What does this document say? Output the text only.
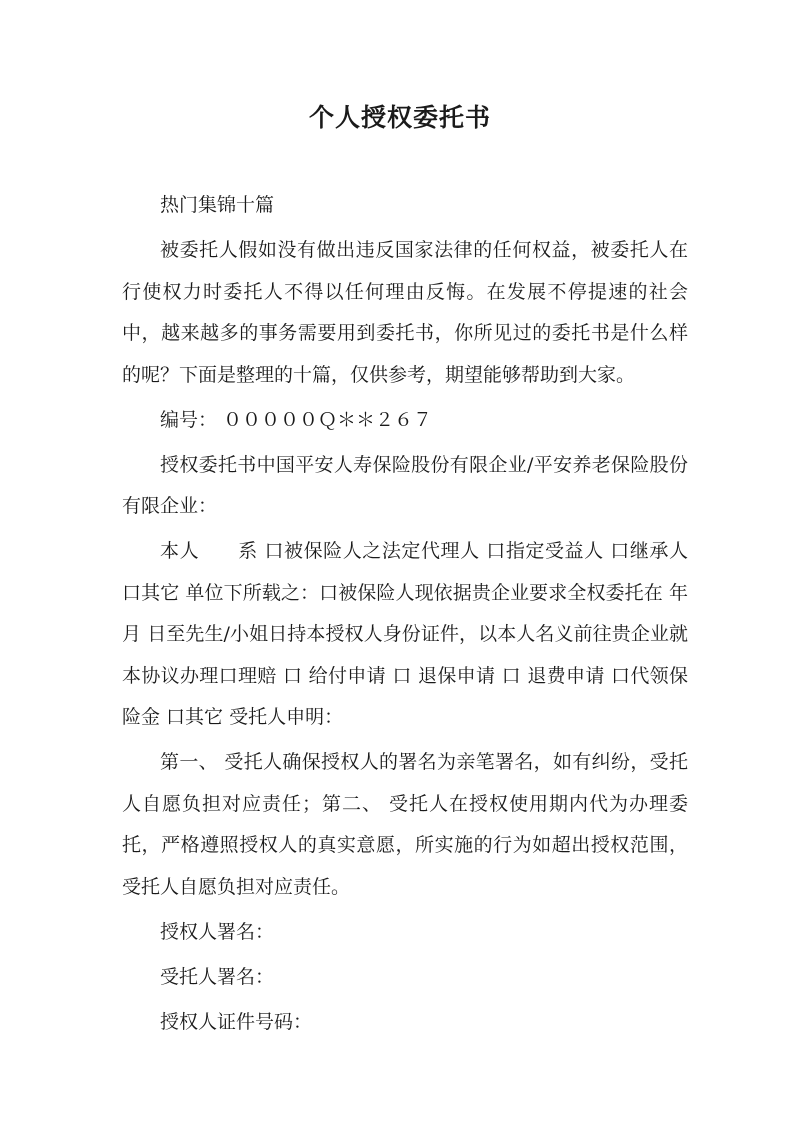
个人授权委托书

热门集锦十篇

被委托人假如没有做出违反国家法律的任何权益，被委托人在行使权力时委托人不得以任何理由反悔。在发展不停提速的社会中，越来越多的事务需要用到委托书，你所见过的委托书是什么样的呢？下面是整理的十篇，仅供参考，期望能够帮助到大家。

编号： ０００００Ｑ＊＊２６７

授权委托书中国平安人寿保险股份有限企业/平安养老保险股份有限企业：

本人　　系 口被保险人之法定代理人 口指定受益人 口继承人口其它 单位下所载之：口被保险人现依据贵企业要求全权委托在 年 月 日至先生/小姐日持本授权人身份证件，以本人名义前往贵企业就本协议办理口理赔 口 给付申请 口 退保申请 口 退费申请 口代领保险金 口其它 受托人申明：

第一、 受托人确保授权人的署名为亲笔署名，如有纠纷，受托人自愿负担对应责任；第二、 受托人在授权使用期内代为办理委托，严格遵照授权人的真实意愿，所实施的行为如超出授权范围， 受托人自愿负担对应责任。

授权人署名：

受托人署名：

授权人证件号码：
